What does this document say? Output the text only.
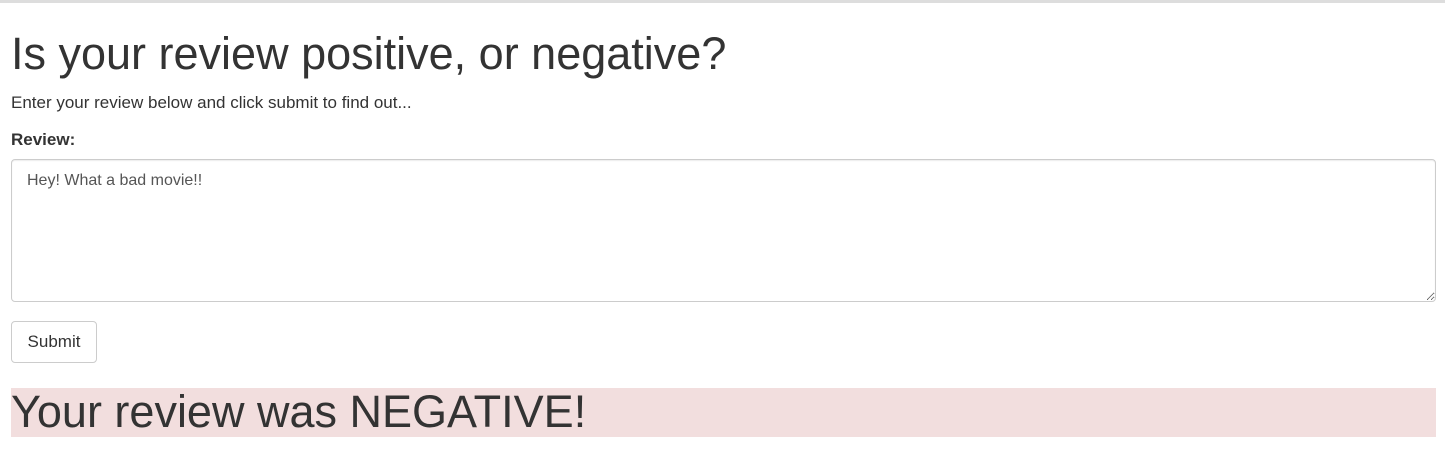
Is your review positive, or negative?
Enter your review below and click submit to find out...
Review:
Hey! What a bad movie!!
Submit
Your review was NEGATIVE!
